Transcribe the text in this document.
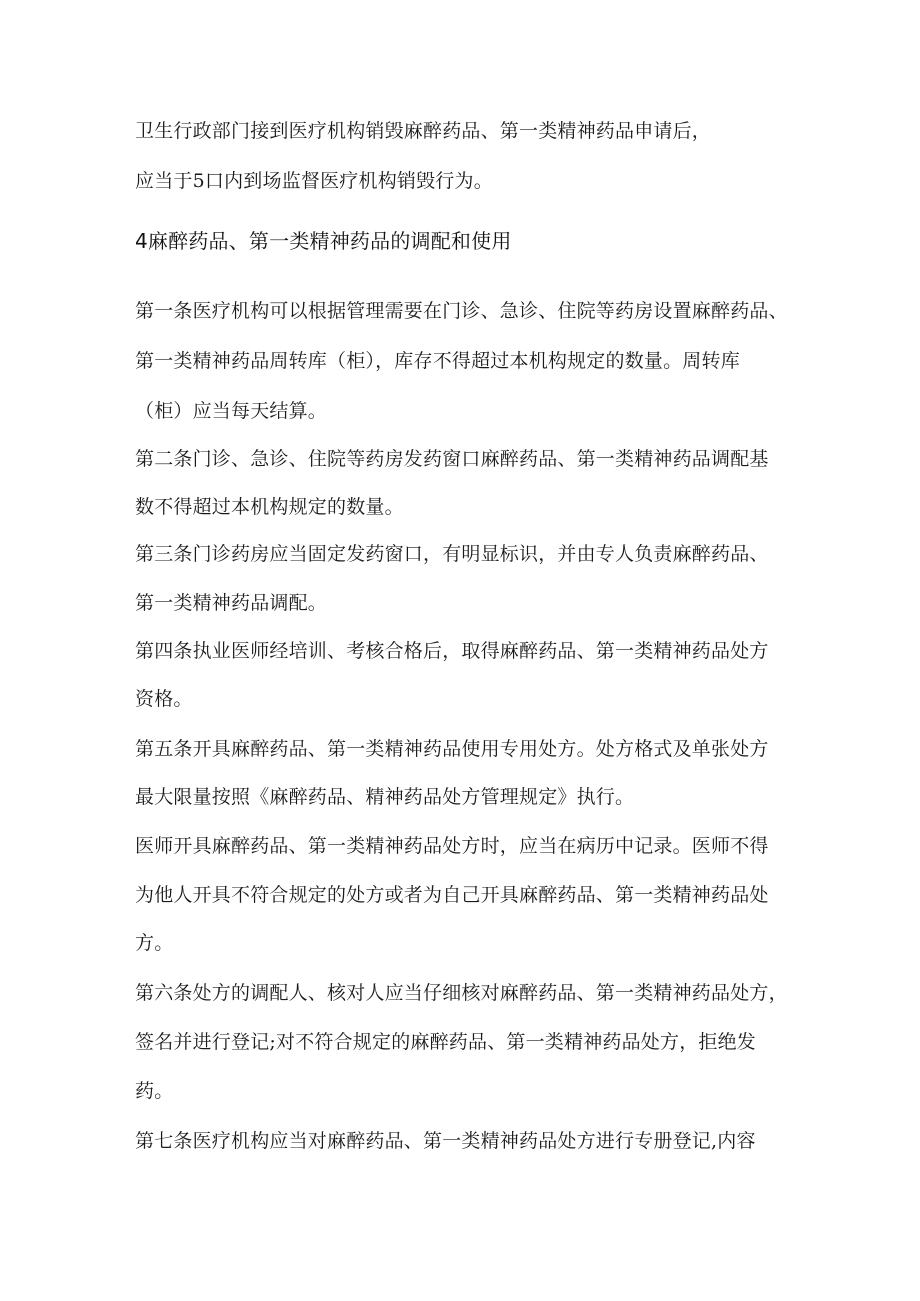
卫生行政部门接到医疗机构销毁麻醉药品、第一类精神药品申请后，
应当于5口内到场监督医疗机构销毁行为。
4麻醉药品、第一类精神药品的调配和使用
第一条医疗机构可以根据管理需要在门诊、急诊、住院等药房设置麻醉药品、
第一类精神药品周转库（柜），库存不得超过本机构规定的数量。周转库
（柜）应当每天结算。
第二条门诊、急诊、住院等药房发药窗口麻醉药品、第一类精神药品调配基
数不得超过本机构规定的数量。
第三条门诊药房应当固定发药窗口，有明显标识，并由专人负责麻醉药品、
第一类精神药品调配。
第四条执业医师经培训、考核合格后，取得麻醉药品、第一类精神药品处方
资格。
第五条开具麻醉药品、第一类精神药品使用专用处方。处方格式及单张处方
最大限量按照《麻醉药品、精神药品处方管理规定》执行。
医师开具麻醉药品、第一类精神药品处方时，应当在病历中记录。医师不得
为他人开具不符合规定的处方或者为自己开具麻醉药品、第一类精神药品处
方。
第六条处方的调配人、核对人应当仔细核对麻醉药品、第一类精神药品处方，
签名并进行登记;对不符合规定的麻醉药品、第一类精神药品处方，拒绝发
药。
第七条医疗机构应当对麻醉药品、第一类精神药品处方进行专册登记,内容
